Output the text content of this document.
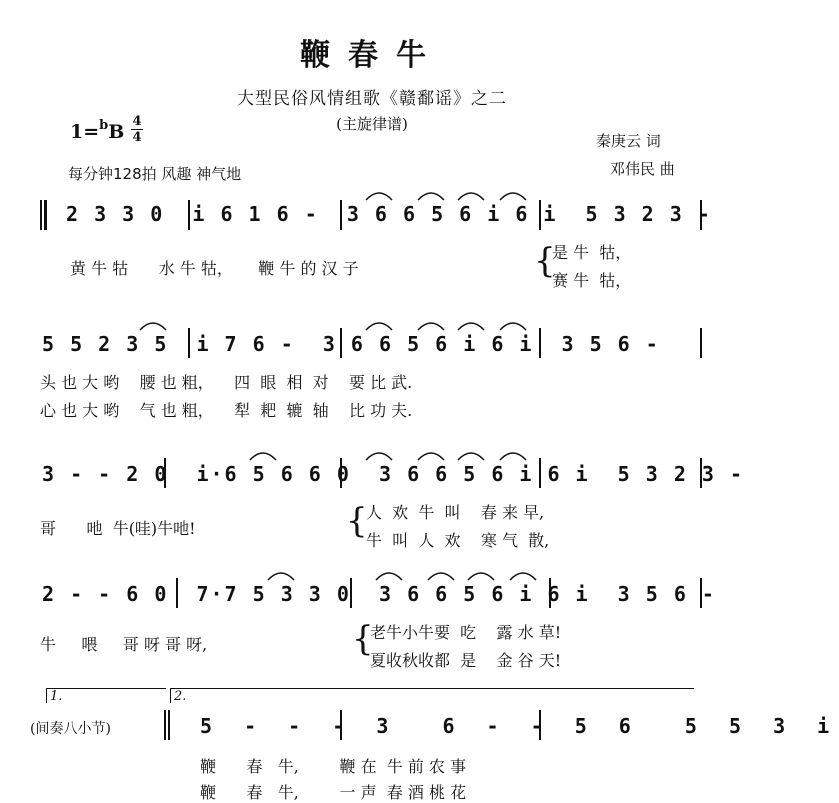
鞭春牛
大型民俗风情组歌《赣鄱谣》之二
(主旋律谱)
1=$^b$B 4
4
每分钟128拍 风趣 神气地
秦庚云 词
邓伟民 曲
2 3 3 0  i 6 1 6 -  3 6 6 5 6 i 6 i  5 3 2 3 -
黄 牛 牯      水 牛 牯，     鞭 牛 的 汉 子	{
是 牛  牯，
赛 牛  牯，
5 5 2 3 5  i 7 6 -  3 6 6 5 6 i 6 i  3 5 6 -
头 也 大 哟    腰 也 粗，    四  眼  相  对    要 比 武.
心 也 大 哟    气 也 粗，    犁  耙  辘  轴    比 功 夫.
3 - - 2 0  i·6 5 6 6 0  3 6 6 5 6 i 6 i  5 3 2 3 -
哥      吔  牛(哇)牛吔!	{
人  欢  牛  叫    春 来 早,
牛  叫  人  欢    寒 气  散,
2 - - 6 0  7·7 5 3 3 0  3 6 6 5 6 i 6 i  3 5 6 -
牛     喂     哥 呀 哥 呀,	{
老牛小牛要  吃    露 水 草!
夏收秋收都  是    金 谷 天!
1.	2.
(间奏八小节)	5 - - - 3  6 - - 5 6  5 5 3 i
鞭      春   牛,        鞭 在  牛 前 农 事
鞭      春   牛,        一 声  春 酒 桃 花
